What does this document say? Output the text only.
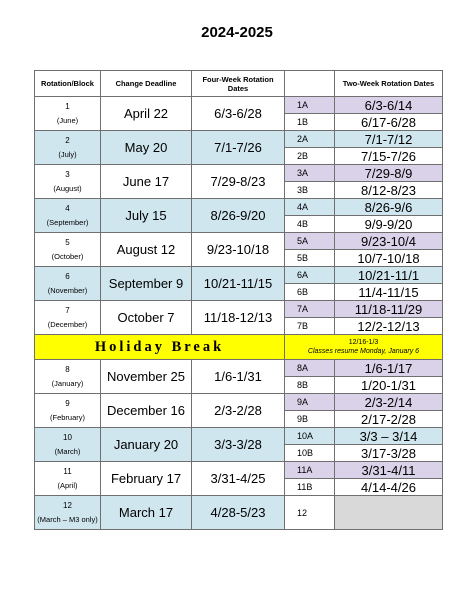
2024-2025
Rotation/Block	Change Deadline	Four-Week Rotation Dates		Two-Week Rotation Dates

1
(June)	April 22	6/3-6/28	1A	6/3-6/14
			1B	6/17-6/28

2
(July)	May 20	7/1-7/26	2A	7/1-7/12
			2B	7/15-7/26

3
(August)	June 17	7/29-8/23	3A	7/29-8/9
			3B	8/12-8/23

4
(September)	July 15	8/26-9/20	4A	8/26-9/6
			4B	9/9-9/20

5
(October)	August 12	9/23-10/18	5A	9/23-10/4
			5B	10/7-10/18

6
(November)	September 9	10/21-11/15	6A	10/21-11/1
			6B	11/4-11/15

7
(December)	October 7	11/18-12/13	7A	11/18-11/29
			7B	12/2-12/13
Holiday Break			12/16-1/3
Classes resume Monday, January 6	

8
(January)	November 25	1/6-1/31	8A	1/6-1/17
			8B	1/20-1/31

9
(February)	December 16	2/3-2/28	9A	2/3-2/14
			9B	2/17-2/28

10
(March)	January 20	3/3-3/28	10A	3/3 – 3/14
			10B	3/17-3/28

11
(April)	February 17	3/31-4/25	11A	3/31-4/11
			11B	4/14-4/26

12
(March – M3 only)	March 17	4/28-5/23	12	
